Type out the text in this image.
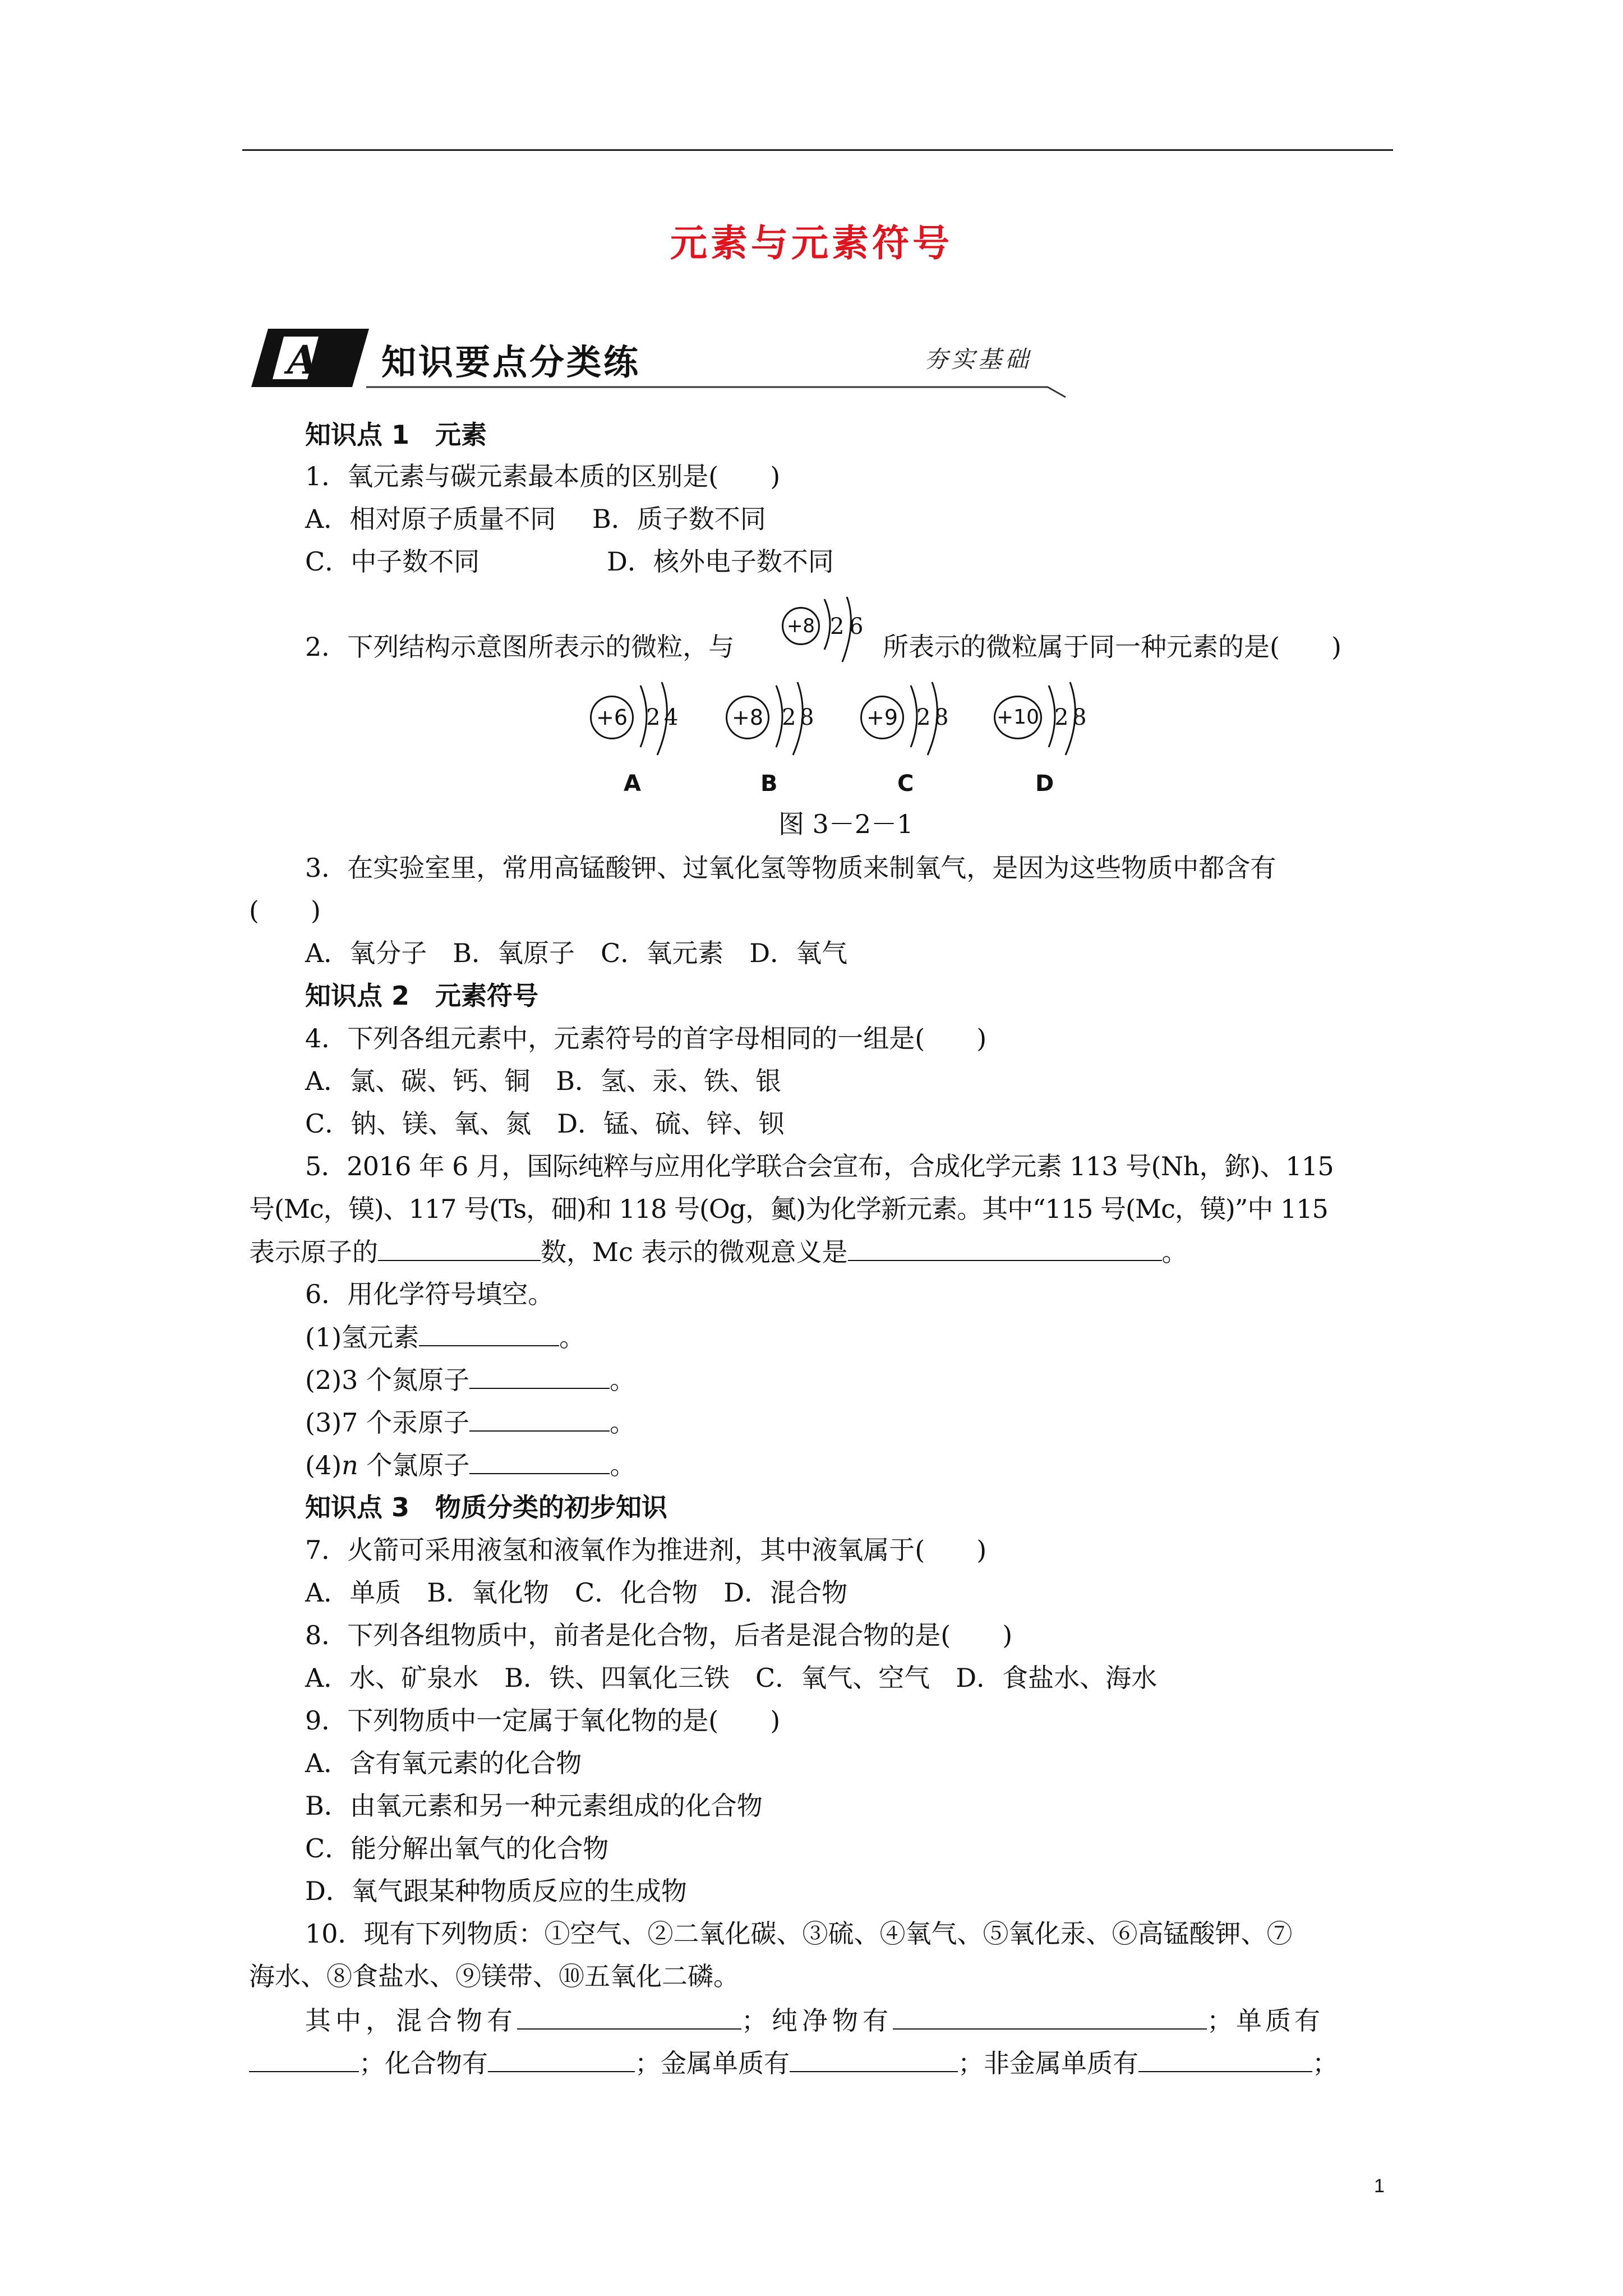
元素与元素符号
A 知识要点分类练	夯实基础
知识点 1　元素
1．氧元素与碳元素最本质的区别是(　　)
A．相对原子质量不同 B．质子数不同
C．中子数不同	D．核外电子数不同
2．下列结构示意图所表示的微粒，与
+8 2 6
所表示的微粒属于同一种元素的是(　　)
+6 2 4	+8 2 8 +9 2 8 +10 2 8
A	B	C	D
图 3－2－1
3．在实验室里，常用高锰酸钾、过氧化氢等物质来制氧气，是因为这些物质中都含有
(　　)
A．氧分子　B．氧原子　C．氧元素　D．氧气
知识点 2　元素符号
4．下列各组元素中，元素符号的首字母相同的一组是(　　)
A．氯、碳、钙、铜　B．氢、汞、铁、银
C．钠、镁、氧、氮　D．锰、硫、锌、钡
5．2016 年 6 月，国际纯粹与应用化学联合会宣布，合成化学元素 113 号(Nh，鉨)、115
号(Mc，镆)、117 号(Ts，鿬)和 118 号(Og，鿫)为化学新元素。其中“115 号(Mc，镆)”中 115
表示原子的	数，Mc 表示的微观意义是	。
6．用化学符号填空。
(1)氢元素	。
(2)3 个氮原子	。
(3)7 个汞原子	。
(4)n 个氯原子	。
知识点 3　物质分类的初步知识
7．火箭可采用液氢和液氧作为推进剂，其中液氧属于(　　)
A．单质　B．氧化物　C．化合物　D．混合物
8．下列各组物质中，前者是化合物，后者是混合物的是(　　)
A．水、矿泉水　B．铁、四氧化三铁　C．氧气、空气　D．食盐水、海水
9．下列物质中一定属于氧化物的是(　　)
A．含有氧元素的化合物
B．由氧元素和另一种元素组成的化合物
C．能分解出氧气的化合物
D．氧气跟某种物质反应的生成物
10．现有下列物质：①空气、②二氧化碳、③硫、④氧气、⑤氧化汞、⑥高锰酸钾、⑦
海水、⑧食盐水、⑨镁带、⑩五氧化二磷。
其中，混合物有	；纯净物有	；单质有
；化合物有	；金属单质有	；非金属单质有	；
1
